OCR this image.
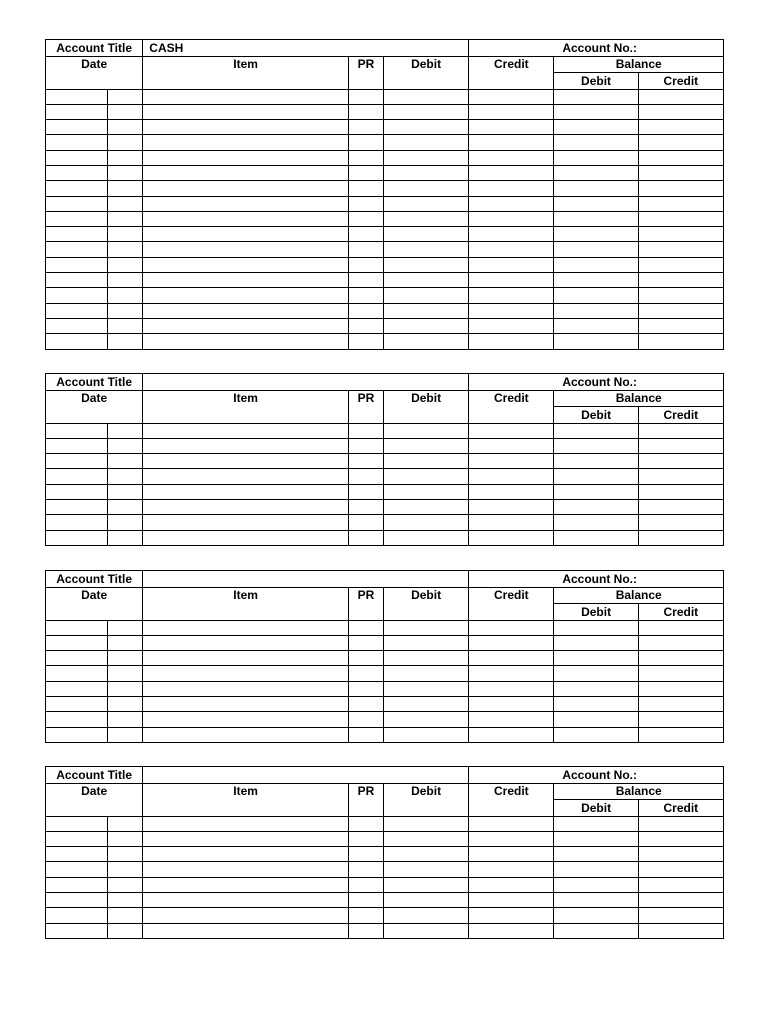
Account Title		CASH			Account No.:		
Date		Item	PR	Debit	Credit	Balance	
						Debit	Credit

Account Title					Account No.:		
Date		Item	PR	Debit	Credit	Balance	
						Debit	Credit

Account Title					Account No.:		
Date		Item	PR	Debit	Credit	Balance	
						Debit	Credit

Account Title					Account No.:		
Date		Item	PR	Debit	Credit	Balance	
						Debit	Credit
